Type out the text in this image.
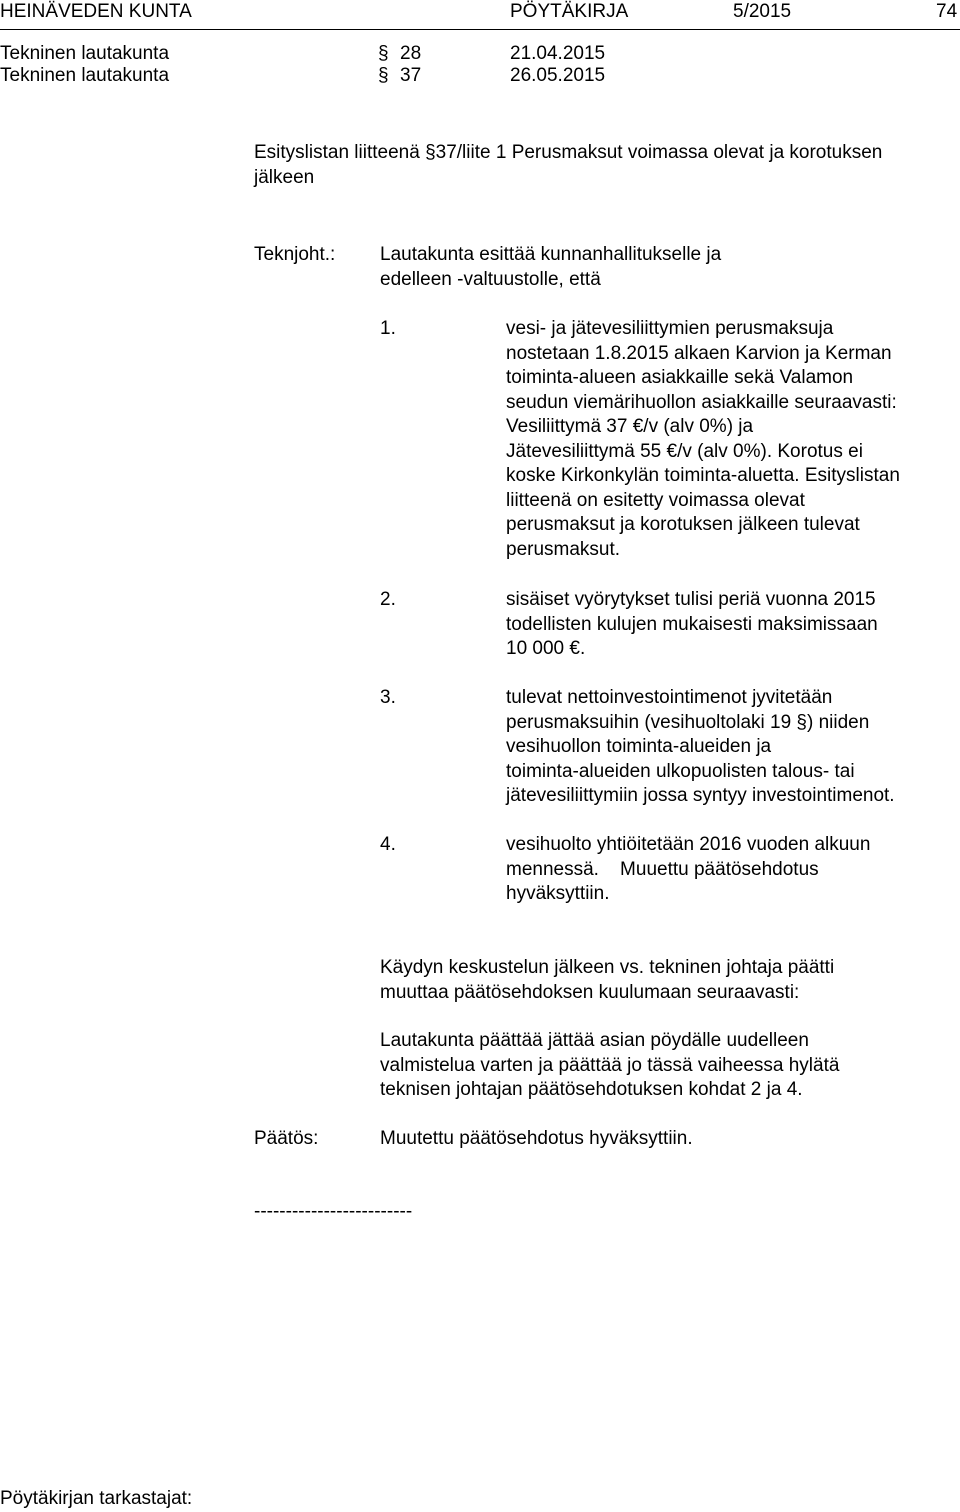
HEINÄVEDEN KUNTA	PÖYTÄKIRJA	5/2015	74
Tekninen lautakunta	§ 28	21.04.2015
Tekninen lautakunta	§ 37	26.05.2015
Esityslistan liitteenä §37/liite 1 Perusmaksut voimassa olevat ja korotuksen
jälkeen
Teknjoht.: Lautakunta esittää kunnanhallitukselle ja
edelleen -valtuustolle, että
1.	vesi- ja jätevesiliittymien perusmaksuja
nostetaan 1.8.2015 alkaen Karvion ja Kerman
toiminta-alueen asiakkaille sekä Valamon
seudun viemärihuollon asiakkaille seuraavasti:
Vesiliittymä 37 €/v (alv 0%) ja
Jätevesiliittymä 55 €/v (alv 0%). Korotus ei
koske Kirkonkylän toiminta-aluetta. Esityslistan
liitteenä on esitetty voimassa olevat
perusmaksut ja korotuksen jälkeen tulevat
perusmaksut.
2.	sisäiset vyörytykset tulisi periä vuonna 2015
todellisten kulujen mukaisesti maksimissaan
10 000 €.
3.	tulevat nettoinvestointimenot jyvitetään
perusmaksuihin (vesihuoltolaki 19 §) niiden
vesihuollon toiminta-alueiden ja
toiminta-alueiden ulkopuolisten talous- tai
jätevesiliittymiin jossa syntyy investointimenot.
4.	vesihuolto yhtiöitetään 2016 vuoden alkuun
mennessä.    Muuettu päätösehdotus
hyväksyttiin.
Käydyn keskustelun jälkeen vs. tekninen johtaja päätti
muuttaa päätösehdoksen kuulumaan seuraavasti:
Lautakunta päättää jättää asian pöydälle uudelleen
valmistelua varten ja päättää jo tässä vaiheessa hylätä
teknisen johtajan päätösehdotuksen kohdat 2 ja 4.
Päätös:	Muutettu päätösehdotus hyväksyttiin.
-------------------------
Pöytäkirjan tarkastajat:
